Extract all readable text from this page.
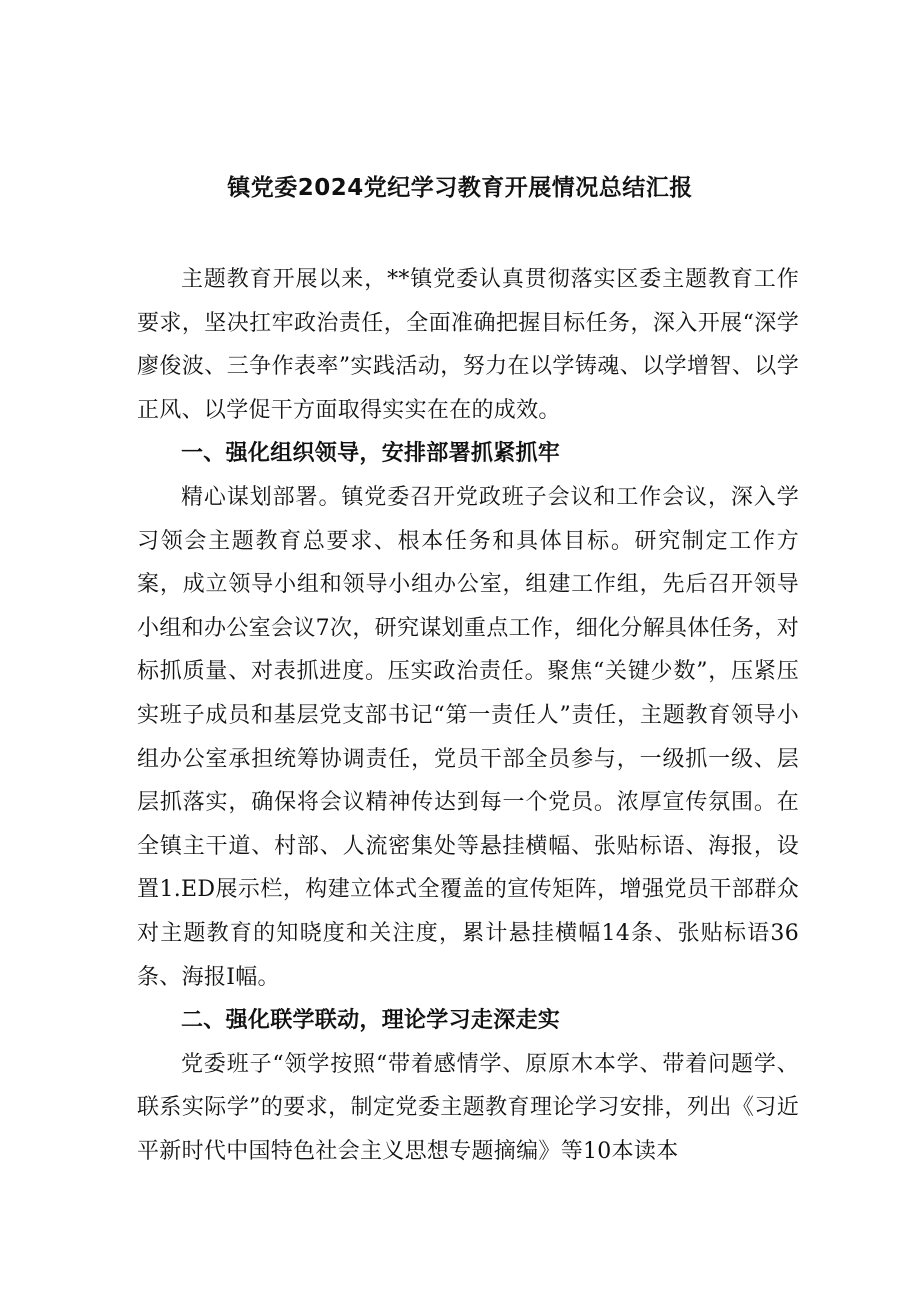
镇党委2024党纪学习教育开展情况总结汇报

主题教育开展以来，**镇党委认真贯彻落实区委主题教育工作要求，坚决扛牢政治责任，全面准确把握目标任务，深入开展“深学廖俊波、三争作表率”实践活动，努力在以学铸魂、以学增智、以学正风、以学促干方面取得实实在在的成效。

一、强化组织领导，安排部署抓紧抓牢

精心谋划部署。镇党委召开党政班子会议和工作会议，深入学习领会主题教育总要求、根本任务和具体目标。研究制定工作方案，成立领导小组和领导小组办公室，组建工作组，先后召开领导小组和办公室会议7次，研究谋划重点工作，细化分解具体任务，对标抓质量、对表抓进度。压实政治责任。聚焦“关键少数”，压紧压实班子成员和基层党支部书记“第一责任人”责任，主题教育领导小组办公室承担统筹协调责任，党员干部全员参与，一级抓一级、层层抓落实，确保将会议精神传达到每一个党员。浓厚宣传氛围。在全镇主干道、村部、人流密集处等悬挂横幅、张贴标语、海报，设置1.ED展示栏，构建立体式全覆盖的宣传矩阵，增强党员干部群众对主题教育的知晓度和关注度，累计悬挂横幅14条、张贴标语36条、海报I幅。

二、强化联学联动，理论学习走深走实

党委班子“领学按照“带着感情学、原原木本学、带着问题学、联系实际学”的要求，制定党委主题教育理论学习安排，列出《习近平新时代中国特色社会主义思想专题摘编》等10本读本
